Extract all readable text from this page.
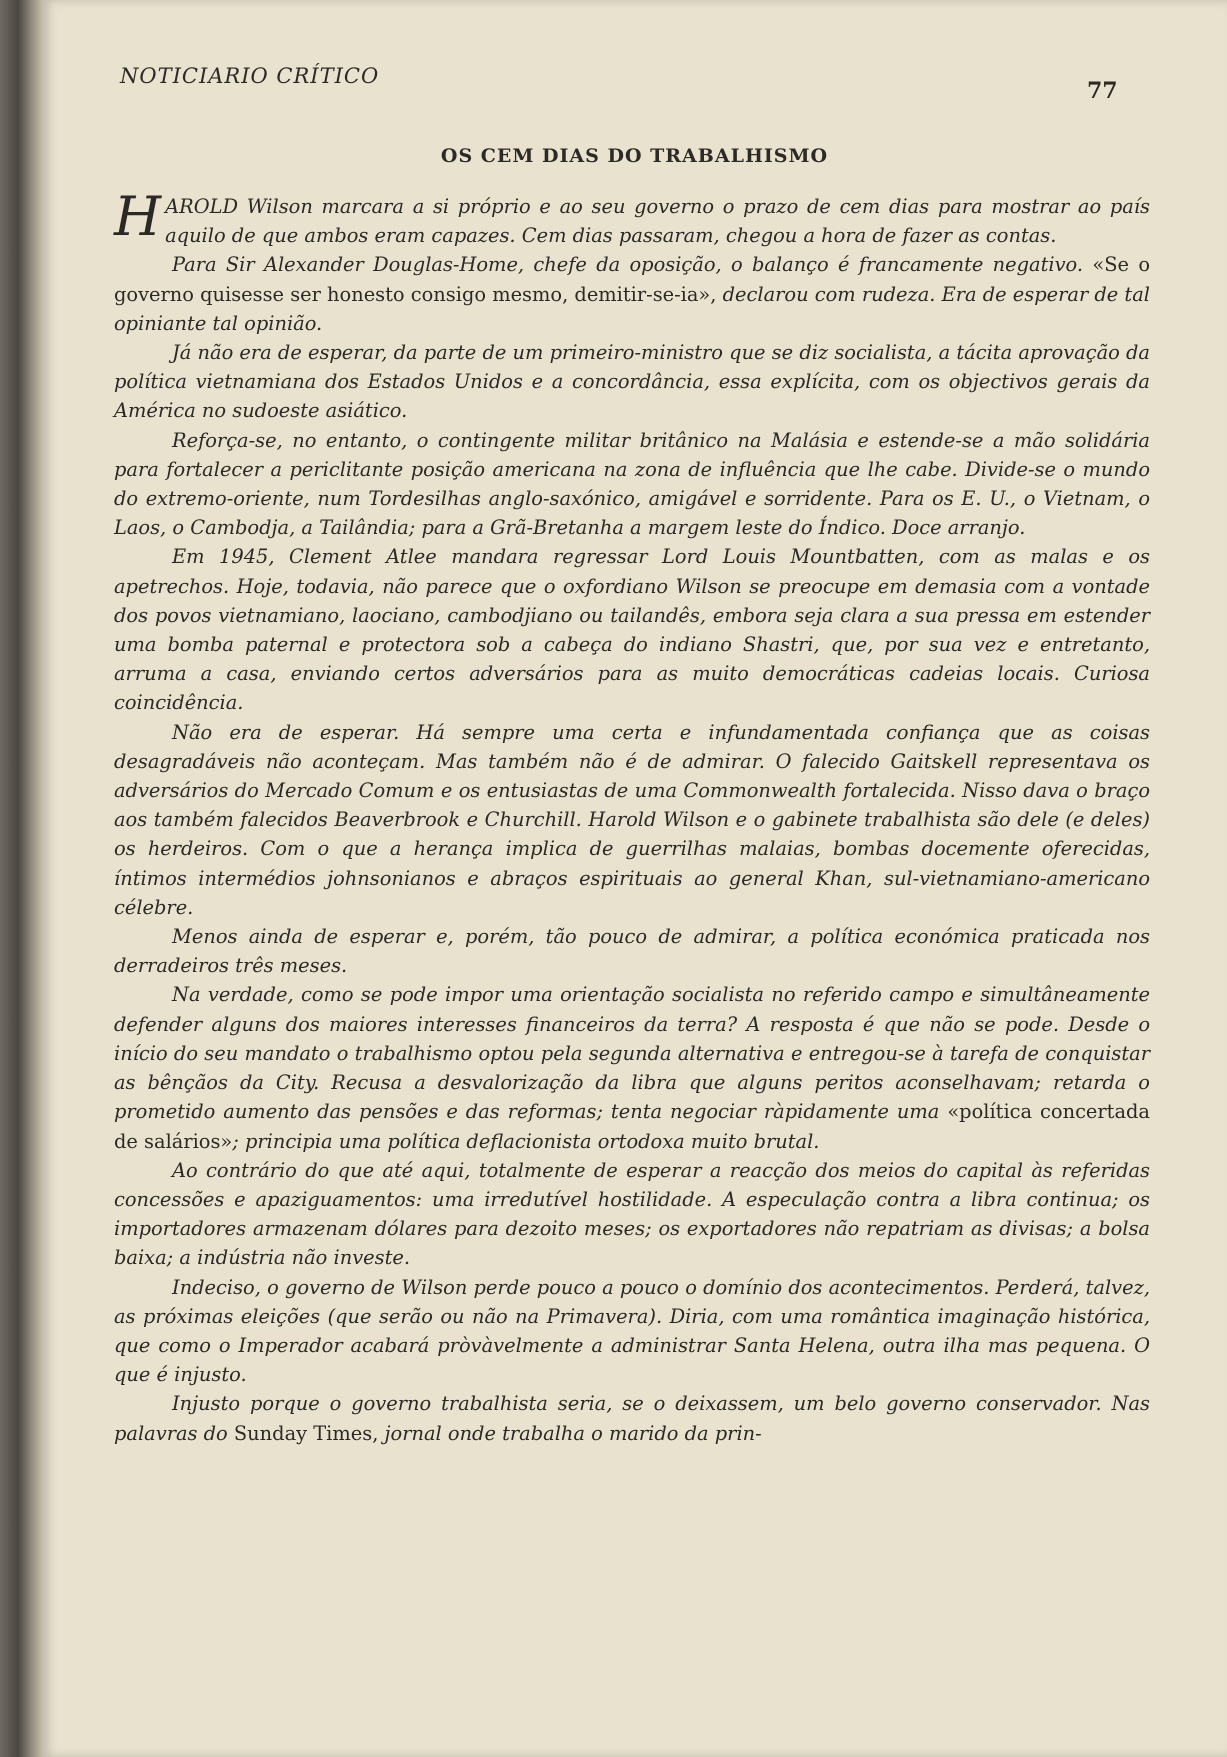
NOTICIARIO CRÍTICO
77
OS CEM DIAS DO TRABALHISMO

HAROLD Wilson marcara a si próprio e ao seu governo o prazo de cem dias para mostrar ao país aquilo de que ambos eram capazes. Cem dias passaram, chegou a hora de fazer as contas.

Para Sir Alexander Douglas-Home, chefe da oposição, o balanço é francamente negativo. «Se o governo quisesse ser honesto consigo mesmo, demitir-se-ia», declarou com rudeza. Era de esperar de tal opiniante tal opinião.

Já não era de esperar, da parte de um primeiro-ministro que se diz socialista, a tácita aprovação da política vietnamiana dos Estados Unidos e a concordância, essa explícita, com os objectivos gerais da América no sudoeste asiático.

Reforça-se, no entanto, o contingente militar britânico na Malásia e estende-se a mão solidária para fortalecer a periclitante posição americana na zona de influência que lhe cabe. Divide-se o mundo do extremo-oriente, num Tordesilhas anglo-saxónico, amigável e sorridente. Para os E. U., o Vietnam, o Laos, o Cambodja, a Tailândia; para a Grã-Bretanha a margem leste do Índico. Doce arranjo.

Em 1945, Clement Atlee mandara regressar Lord Louis Mountbatten, com as malas e os apetrechos. Hoje, todavia, não parece que o oxfordiano Wilson se preocupe em demasia com a vontade dos povos vietnamiano, laociano, cambodjiano ou tailandês, embora seja clara a sua pressa em estender uma bomba paternal e protectora sob a cabeça do indiano Shastri, que, por sua vez e entretanto, arruma a casa, enviando certos adversários para as muito democráticas cadeias locais. Curiosa coincidência.

Não era de esperar. Há sempre uma certa e infundamentada confiança que as coisas desagradáveis não aconteçam. Mas também não é de admirar. O falecido Gaitskell representava os adversários do Mercado Comum e os entusiastas de uma Commonwealth fortalecida. Nisso dava o braço aos também falecidos Beaverbrook e Churchill. Harold Wilson e o gabinete trabalhista são dele (e deles) os herdeiros. Com o que a herança implica de guerrilhas malaias, bombas docemente oferecidas, íntimos intermédios johnsonianos e abraços espirituais ao general Khan, sul-vietnamiano-americano célebre.

Menos ainda de esperar e, porém, tão pouco de admirar, a política económica praticada nos derradeiros três meses.

Na verdade, como se pode impor uma orientação socialista no referido campo e simultâneamente defender alguns dos maiores interesses financeiros da terra? A resposta é que não se pode. Desde o início do seu mandato o trabalhismo optou pela segunda alternativa e entregou-se à tarefa de conquistar as bênçãos da City. Recusa a desvalorização da libra que alguns peritos aconselhavam; retarda o prometido aumento das pensões e das reformas; tenta negociar ràpidamente uma «política concertada de salários»; principia uma política deflacionista ortodoxa muito brutal.

Ao contrário do que até aqui, totalmente de esperar a reacção dos meios do capital às referidas concessões e apaziguamentos: uma irredutível hostilidade. A especulação contra a libra continua; os importadores armazenam dólares para dezoito meses; os exportadores não repatriam as divisas; a bolsa baixa; a indústria não investe.

Indeciso, o governo de Wilson perde pouco a pouco o domínio dos acontecimentos. Perderá, talvez, as próximas eleições (que serão ou não na Primavera). Diria, com uma romântica imaginação histórica, que como o Imperador acabará pròvàvelmente a administrar Santa Helena, outra ilha mas pequena. O que é injusto.

Injusto porque o governo trabalhista seria, se o deixassem, um belo governo conservador. Nas palavras do Sunday Times, jornal onde trabalha o marido da prin-
